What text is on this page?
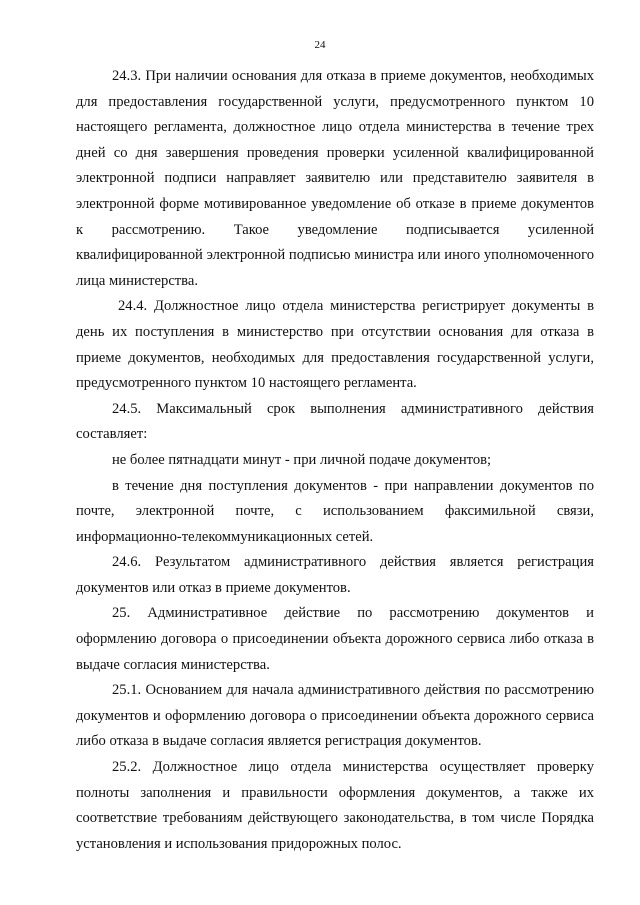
24

24.3. При наличии основания для отказа в приеме документов, необходимых для предоставления государственной услуги, предусмотренного пунктом 10 настоящего регламента, должностное лицо отдела министерства в течение трех дней со дня завершения проведения проверки усиленной квалифицированной электронной подписи направляет заявителю или представителю заявителя в электронной форме мотивированное уведомление об отказе в приеме документов к рассмотрению. Такое уведомление подписывается усиленной квалифицированной электронной подписью министра или иного уполномоченного лица министерства.

24.4. Должностное лицо отдела министерства регистрирует документы в день их поступления в министерство при отсутствии основания для отказа в приеме документов, необходимых для предоставления государственной услуги, предусмотренного пунктом 10 настоящего регламента.

24.5. Максимальный срок выполнения административного действия составляет:

не более пятнадцати минут - при личной подаче документов;

в течение дня поступления документов - при направлении документов по почте, электронной почте, с использованием факсимильной связи, информационно-телекоммуникационных сетей.

24.6. Результатом административного действия является регистрация документов или отказ в приеме документов.

25. Административное действие по рассмотрению документов и оформлению договора о присоединении объекта дорожного сервиса либо отказа в выдаче согласия министерства.

25.1. Основанием для начала административного действия по рассмотрению документов и оформлению договора о присоединении объекта дорожного сервиса либо отказа в выдаче согласия является регистрация документов.

25.2. Должностное лицо отдела министерства осуществляет проверку полноты заполнения и правильности оформления документов, а также их соответствие требованиям действующего законодательства, в том числе Порядка установления и использования придорожных полос.
